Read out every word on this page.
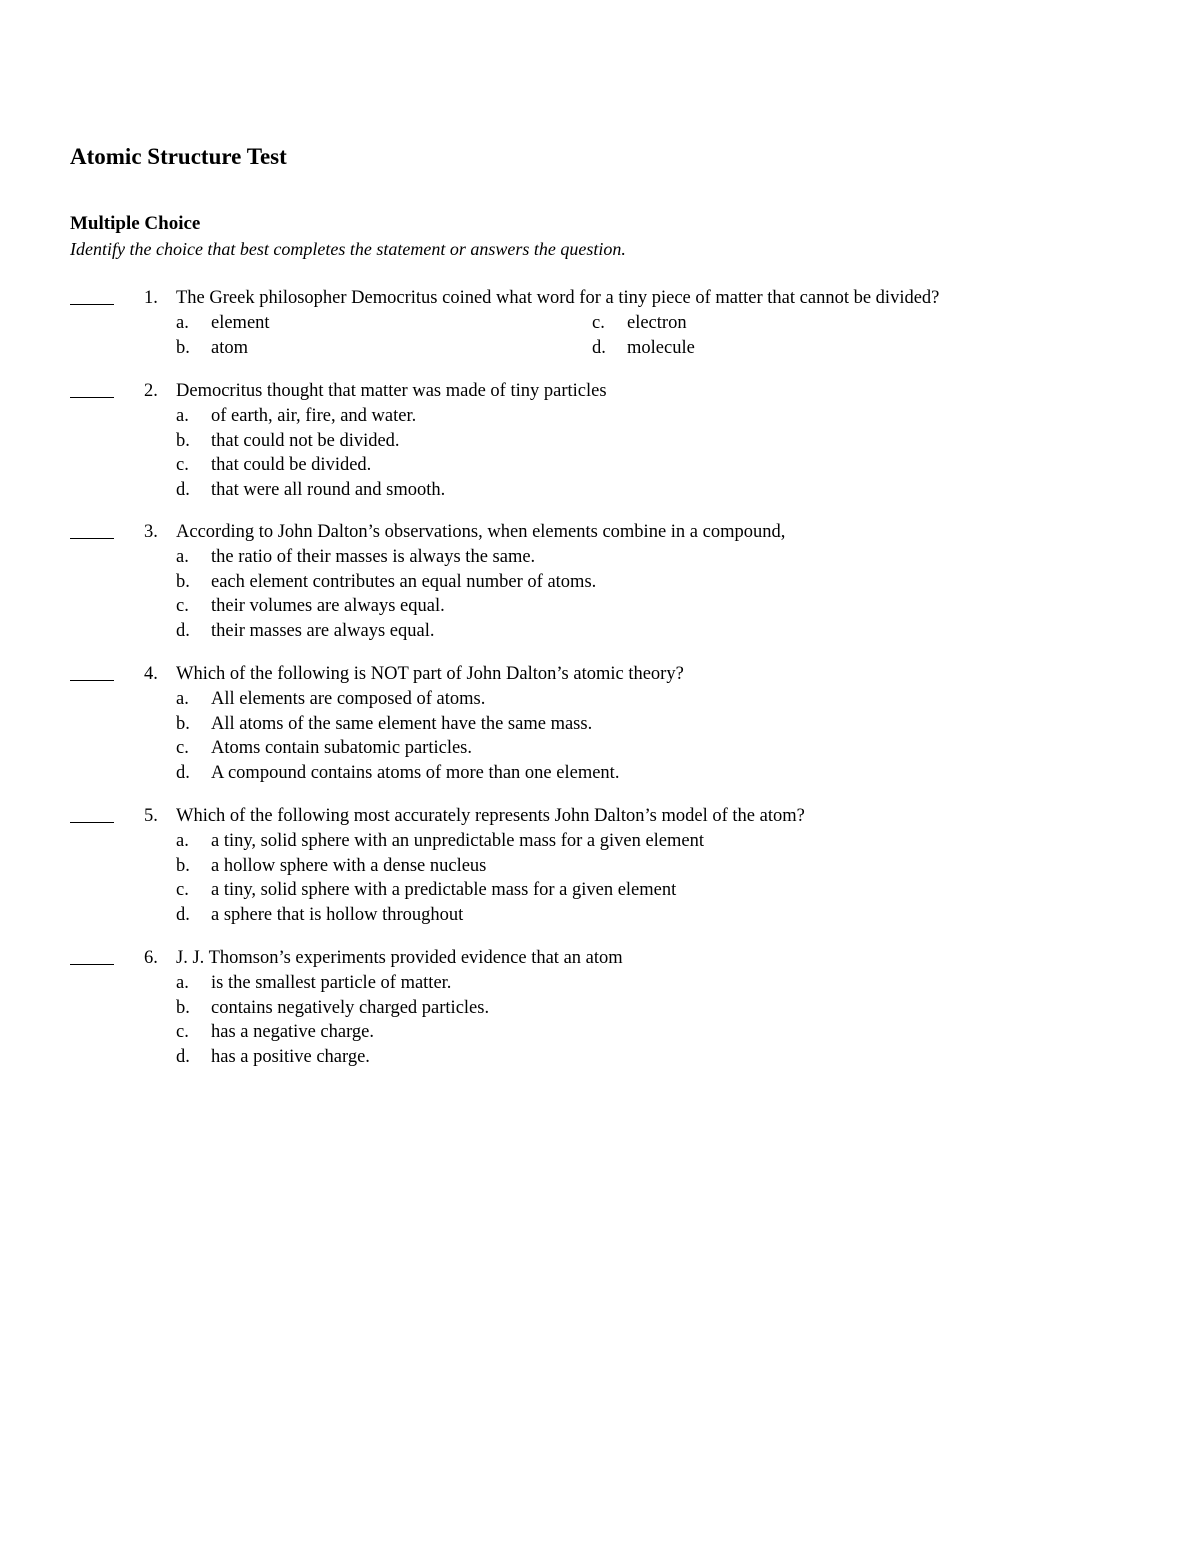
Atomic Structure Test
Multiple Choice
Identify the choice that best completes the statement or answers the question.
1. The Greek philosopher Democritus coined what word for a tiny piece of matter that cannot be divided?
a. element	c. electron
b. atom	d. molecule
2. Democritus thought that matter was made of tiny particles
a. of earth, air, fire, and water.
b. that could not be divided.
c. that could be divided.
d. that were all round and smooth.
3. According to John Dalton’s observations, when elements combine in a compound,
a. the ratio of their masses is always the same.
b. each element contributes an equal number of atoms.
c. their volumes are always equal.
d. their masses are always equal.
4. Which of the following is NOT part of John Dalton’s atomic theory?
a. All elements are composed of atoms.
b. All atoms of the same element have the same mass.
c. Atoms contain subatomic particles.
d. A compound contains atoms of more than one element.
5. Which of the following most accurately represents John Dalton’s model of the atom?
a. a tiny, solid sphere with an unpredictable mass for a given element
b. a hollow sphere with a dense nucleus
c. a tiny, solid sphere with a predictable mass for a given element
d. a sphere that is hollow throughout
6. J. J. Thomson’s experiments provided evidence that an atom
a. is the smallest particle of matter.
b. contains negatively charged particles.
c. has a negative charge.
d. has a positive charge.
